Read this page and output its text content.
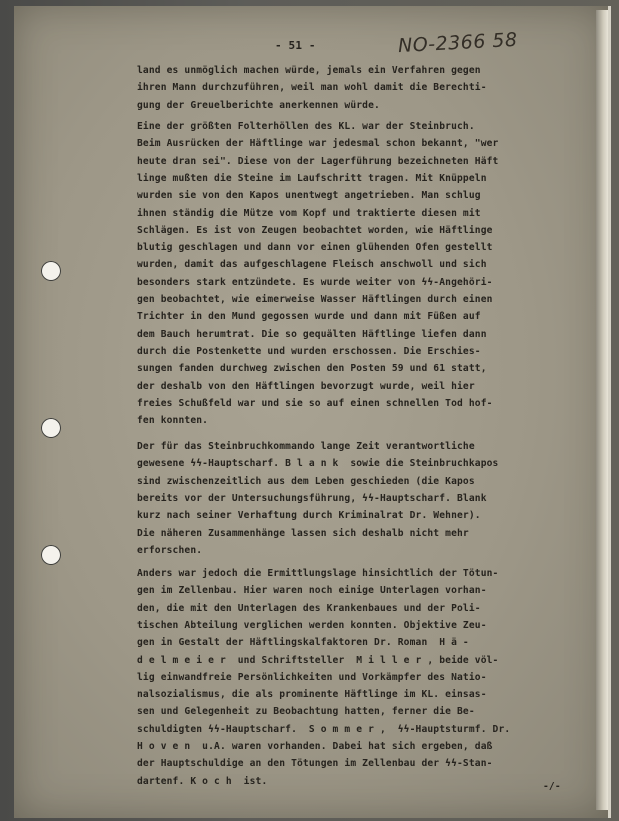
- 51 -	NO-2366 58
land es unmöglich machen würde, jemals ein Verfahren gegen
ihren Mann durchzuführen, weil man wohl damit die Berechti-
gung der Greuelberichte anerkennen würde.
Eine der größten Folterhöllen des KL. war der Steinbruch.
Beim Ausrücken der Häftlinge war jedesmal schon bekannt, "wer
heute dran sei". Diese von der Lagerführung bezeichneten Häft
linge mußten die Steine im Laufschritt tragen. Mit Knüppeln
wurden sie von den Kapos unentwegt angetrieben. Man schlug
ihnen ständig die Mütze vom Kopf und traktierte diesen mit
Schlägen. Es ist von Zeugen beobachtet worden, wie Häftlinge
blutig geschlagen und dann vor einen glühenden Ofen gestellt
wurden, damit das aufgeschlagene Fleisch anschwoll und sich
besonders stark entzündete. Es wurde weiter von ϟϟ-Angehöri-
gen beobachtet, wie eimerweise Wasser Häftlingen durch einen
Trichter in den Mund gegossen wurde und dann mit Füßen auf
dem Bauch herumtrat. Die so gequälten Häftlinge liefen dann
durch die Postenkette und wurden erschossen. Die Erschies-
sungen fanden durchweg zwischen den Posten 59 und 61 statt,
der deshalb von den Häftlingen bevorzugt wurde, weil hier
freies Schußfeld war und sie so auf einen schnellen Tod hof-
fen konnten.
Der für das Steinbruchkommando lange Zeit verantwortliche
gewesene ϟϟ-Hauptscharf. B l a n k  sowie die Steinbruchkapos
sind zwischenzeitlich aus dem Leben geschieden (die Kapos
bereits vor der Untersuchungsführung, ϟϟ-Hauptscharf. Blank
kurz nach seiner Verhaftung durch Kriminalrat Dr. Wehner).
Die näheren Zusammenhänge lassen sich deshalb nicht mehr
erforschen.
Anders war jedoch die Ermittlungslage hinsichtlich der Tötun-
gen im Zellenbau. Hier waren noch einige Unterlagen vorhan-
den, die mit den Unterlagen des Krankenbaues und der Poli-
tischen Abteilung verglichen werden konnten. Objektive Zeu-
gen in Gestalt der Häftlingskalfaktoren Dr. Roman  H ä -
d e l m e i e r  und Schriftsteller  M i l l e r , beide völ-
lig einwandfreie Persönlichkeiten und Vorkämpfer des Natio-
nalsozialismus, die als prominente Häftlinge im KL. einsas-
sen und Gelegenheit zu Beobachtung hatten, ferner die Be-
schuldigten ϟϟ-Hauptscharf.  S o m m e r ,  ϟϟ-Hauptsturmf. Dr.
H o v e n  u.A. waren vorhanden. Dabei hat sich ergeben, daß
der Hauptschuldige an den Tötungen im Zellenbau der ϟϟ-Stan-
dartenf. K o c h  ist.	-/-
